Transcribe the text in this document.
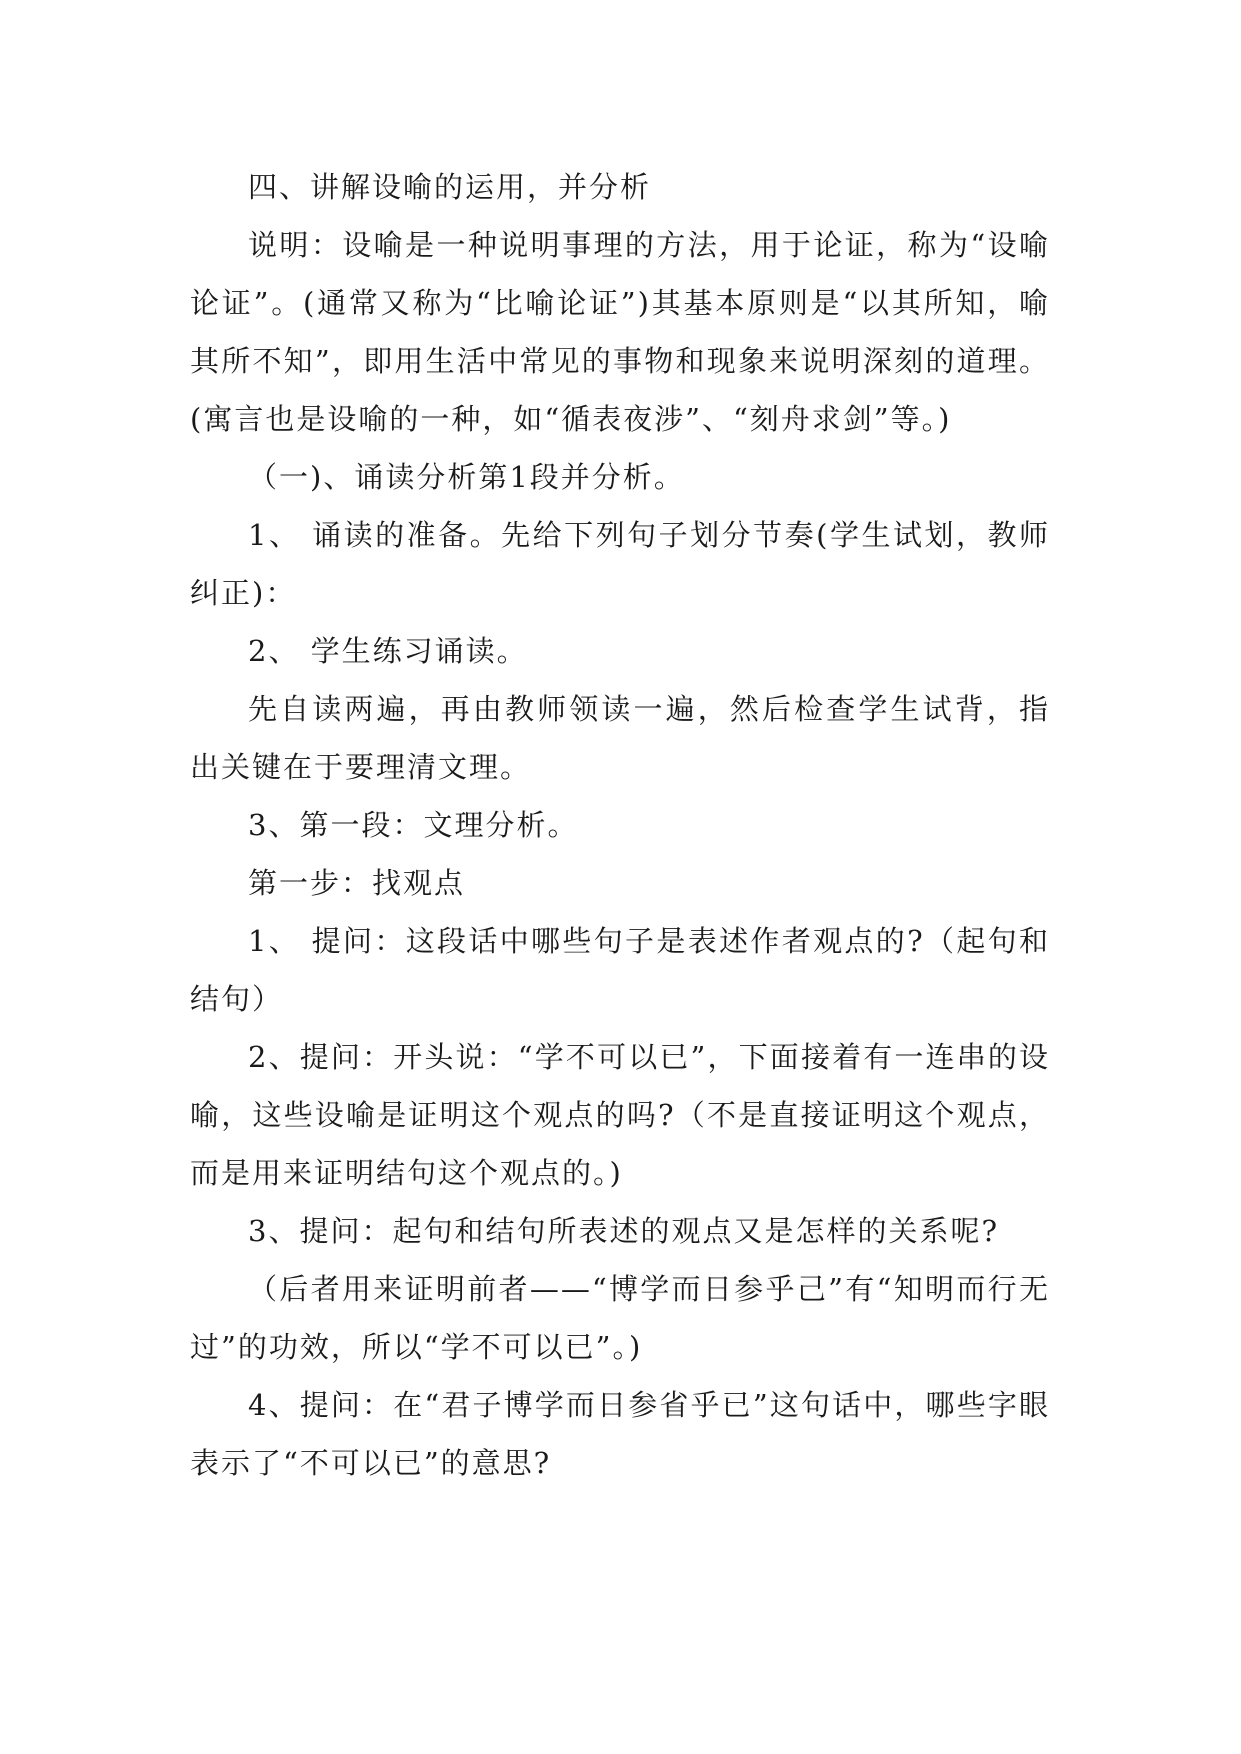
四、讲解设喻的运用，并分析

说明：设喻是一种说明事理的方法，用于论证，称为“设喻论证”。(通常又称为“比喻论证”)其基本原则是“以其所知，喻其所不知”，即用生活中常见的事物和现象来说明深刻的道理。(寓言也是设喻的一种，如“循表夜涉”、“刻舟求剑”等。)

（一)、诵读分析第1段并分析。

1、 诵读的准备。先给下列句子划分节奏(学生试划，教师纠正)：

2、 学生练习诵读。

先自读两遍，再由教师领读一遍，然后检查学生试背，指出关键在于要理清文理。

3、第一段：文理分析。

第一步：找观点

1、 提问：这段话中哪些句子是表述作者观点的?（起句和结句）

2、提问：开头说：“学不可以已”，下面接着有一连串的设喻，这些设喻是证明这个观点的吗?（不是直接证明这个观点，而是用来证明结句这个观点的。)

3、提问：起句和结句所表述的观点又是怎样的关系呢?

（后者用来证明前者——“博学而日参乎己”有“知明而行无过”的功效，所以“学不可以已”。)

4、提问：在“君子博学而日参省乎已”这句话中，哪些字眼表示了“不可以已”的意思?
